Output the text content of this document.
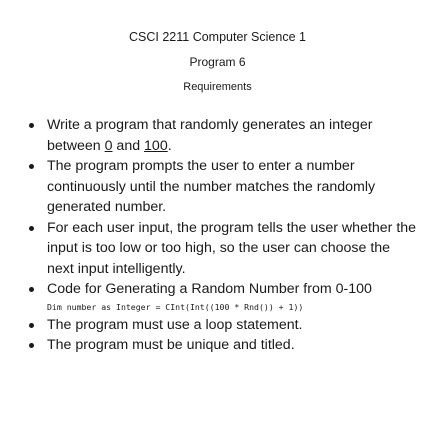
CSCI 2211 Computer Science 1
Program 6
Requirements
Write a program that randomly generates an integer between 0 and 100.
The program prompts the user to enter a number continuously until the number matches the randomly generated number.
For each user input, the program tells the user whether the input is too low or too high, so the user can choose the next input intelligently.
Code for Generating a Random Number from 0-100
Dim number as Integer = CInt(Int((100 * Rnd()) + 1))
The program must use a loop statement.
The program must be unique and titled.
